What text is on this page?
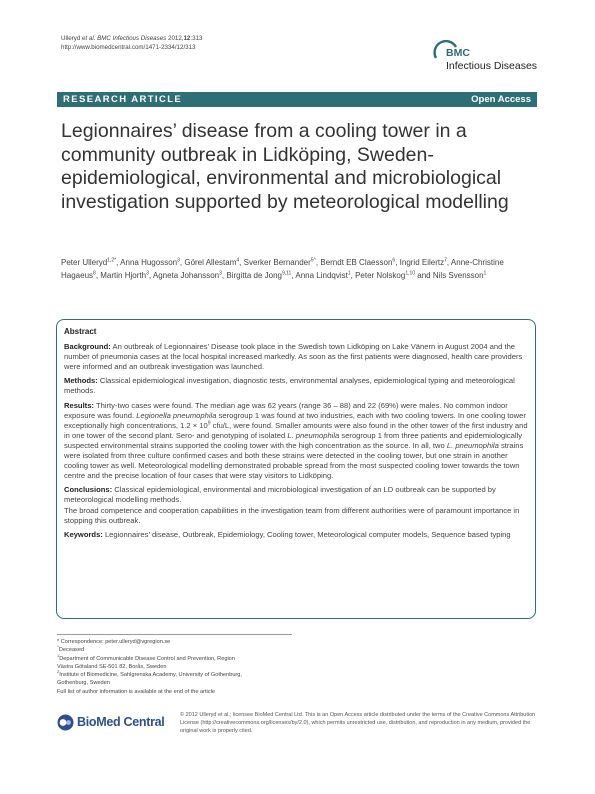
Ulleryd et al. BMC Infectious Diseases 2012,12:313
http://www.biomedcentral.com/1471-2334/12/313	BMC
Infectious Diseases
RESEARCH ARTICLE	Open Access
Legionnaires’ disease from a cooling tower in a community outbreak in Lidköping, Sweden- epidemiological, environmental and microbiological investigation supported by meteorological modelling
Peter Ulleryd$^{1,2*}$, Anna Hugosson$^3$, Görel Allestam$^4$, Sverker Bernander$^{5\^{}}$, Berndt EB Claesson$^6$, Ingrid Eilertz$^7$, Anne-Christine Hagaeus$^8$, Martin Hjorth$^3$, Agneta Johansson$^3$, Birgitta de Jong$^{9,11}$, Anna Lindqvist$^1$, Peter Nolskog$^{1,10}$ and Nils Svensson$^1$
Abstract

Background: An outbreak of Legionnaires’ Disease took place in the Swedish town Lidköping on Lake Vänern in August 2004 and the number of pneumonia cases at the local hospital increased markedly. As soon as the first patients were diagnosed, health care providers were informed and an outbreak investigation was launched.

Methods: Classical epidemiological investigation, diagnostic tests, environmental analyses, epidemiological typing and meteorological methods.

Results: Thirty-two cases were found. The median age was 62 years (range 36 – 88) and 22 (69%) were males. No common indoor exposure was found. Legionella pneumophila serogroup 1 was found at two industries, each with two cooling towers. In one cooling tower exceptionally high concentrations, $1.2 \times 10^9$ cfu/L, were found. Smaller amounts were also found in the other tower of the first industry and in one tower of the second plant. Sero- and genotyping of isolated L. pneumophila serogroup 1 from three patients and epidemiologically suspected environmental strains supported the cooling tower with the high concentration as the source. In all, two L. pneumophila strains were isolated from three culture confirmed cases and both these strains were detected in the cooling tower, but one strain in another cooling tower as well. Meteorological modelling demonstrated probable spread from the most suspected cooling tower towards the town centre and the precise location of four cases that were stay visitors to Lidköping.

Conclusions: Classical epidemiological, environmental and microbiological investigation of an LD outbreak can be supported by meteorological modelling methods.
The broad competence and cooperation capabilities in the investigation team from different authorities were of paramount importance in stopping this outbreak.

Keywords: Legionnaires’ disease, Outbreak, Epidemiology, Cooling tower, Meteorological computer models, Sequence based typing

* Correspondence: peter.ulleryd@vgregion.se

^Deceased

$^1$Department of Communicable Disease Control and Prevention, Region
Västra Götaland SE-501 82, Borås, Sweden

$^2$Institute of Biomedicine, Sahlgrenska Academy, University of Gothenburg,
Gothenburg, Sweden

Full list of author information is available at the end of the article

BioMed Central	© 2012 Ulleryd et al.; licensee BioMed Central Ltd. This is an Open Access article distributed under the terms of the Creative Commons Attribution License (http://creativecommons.org/licenses/by/2.0), which permits unrestricted use, distribution, and reproduction in any medium, provided the original work is properly cited.
